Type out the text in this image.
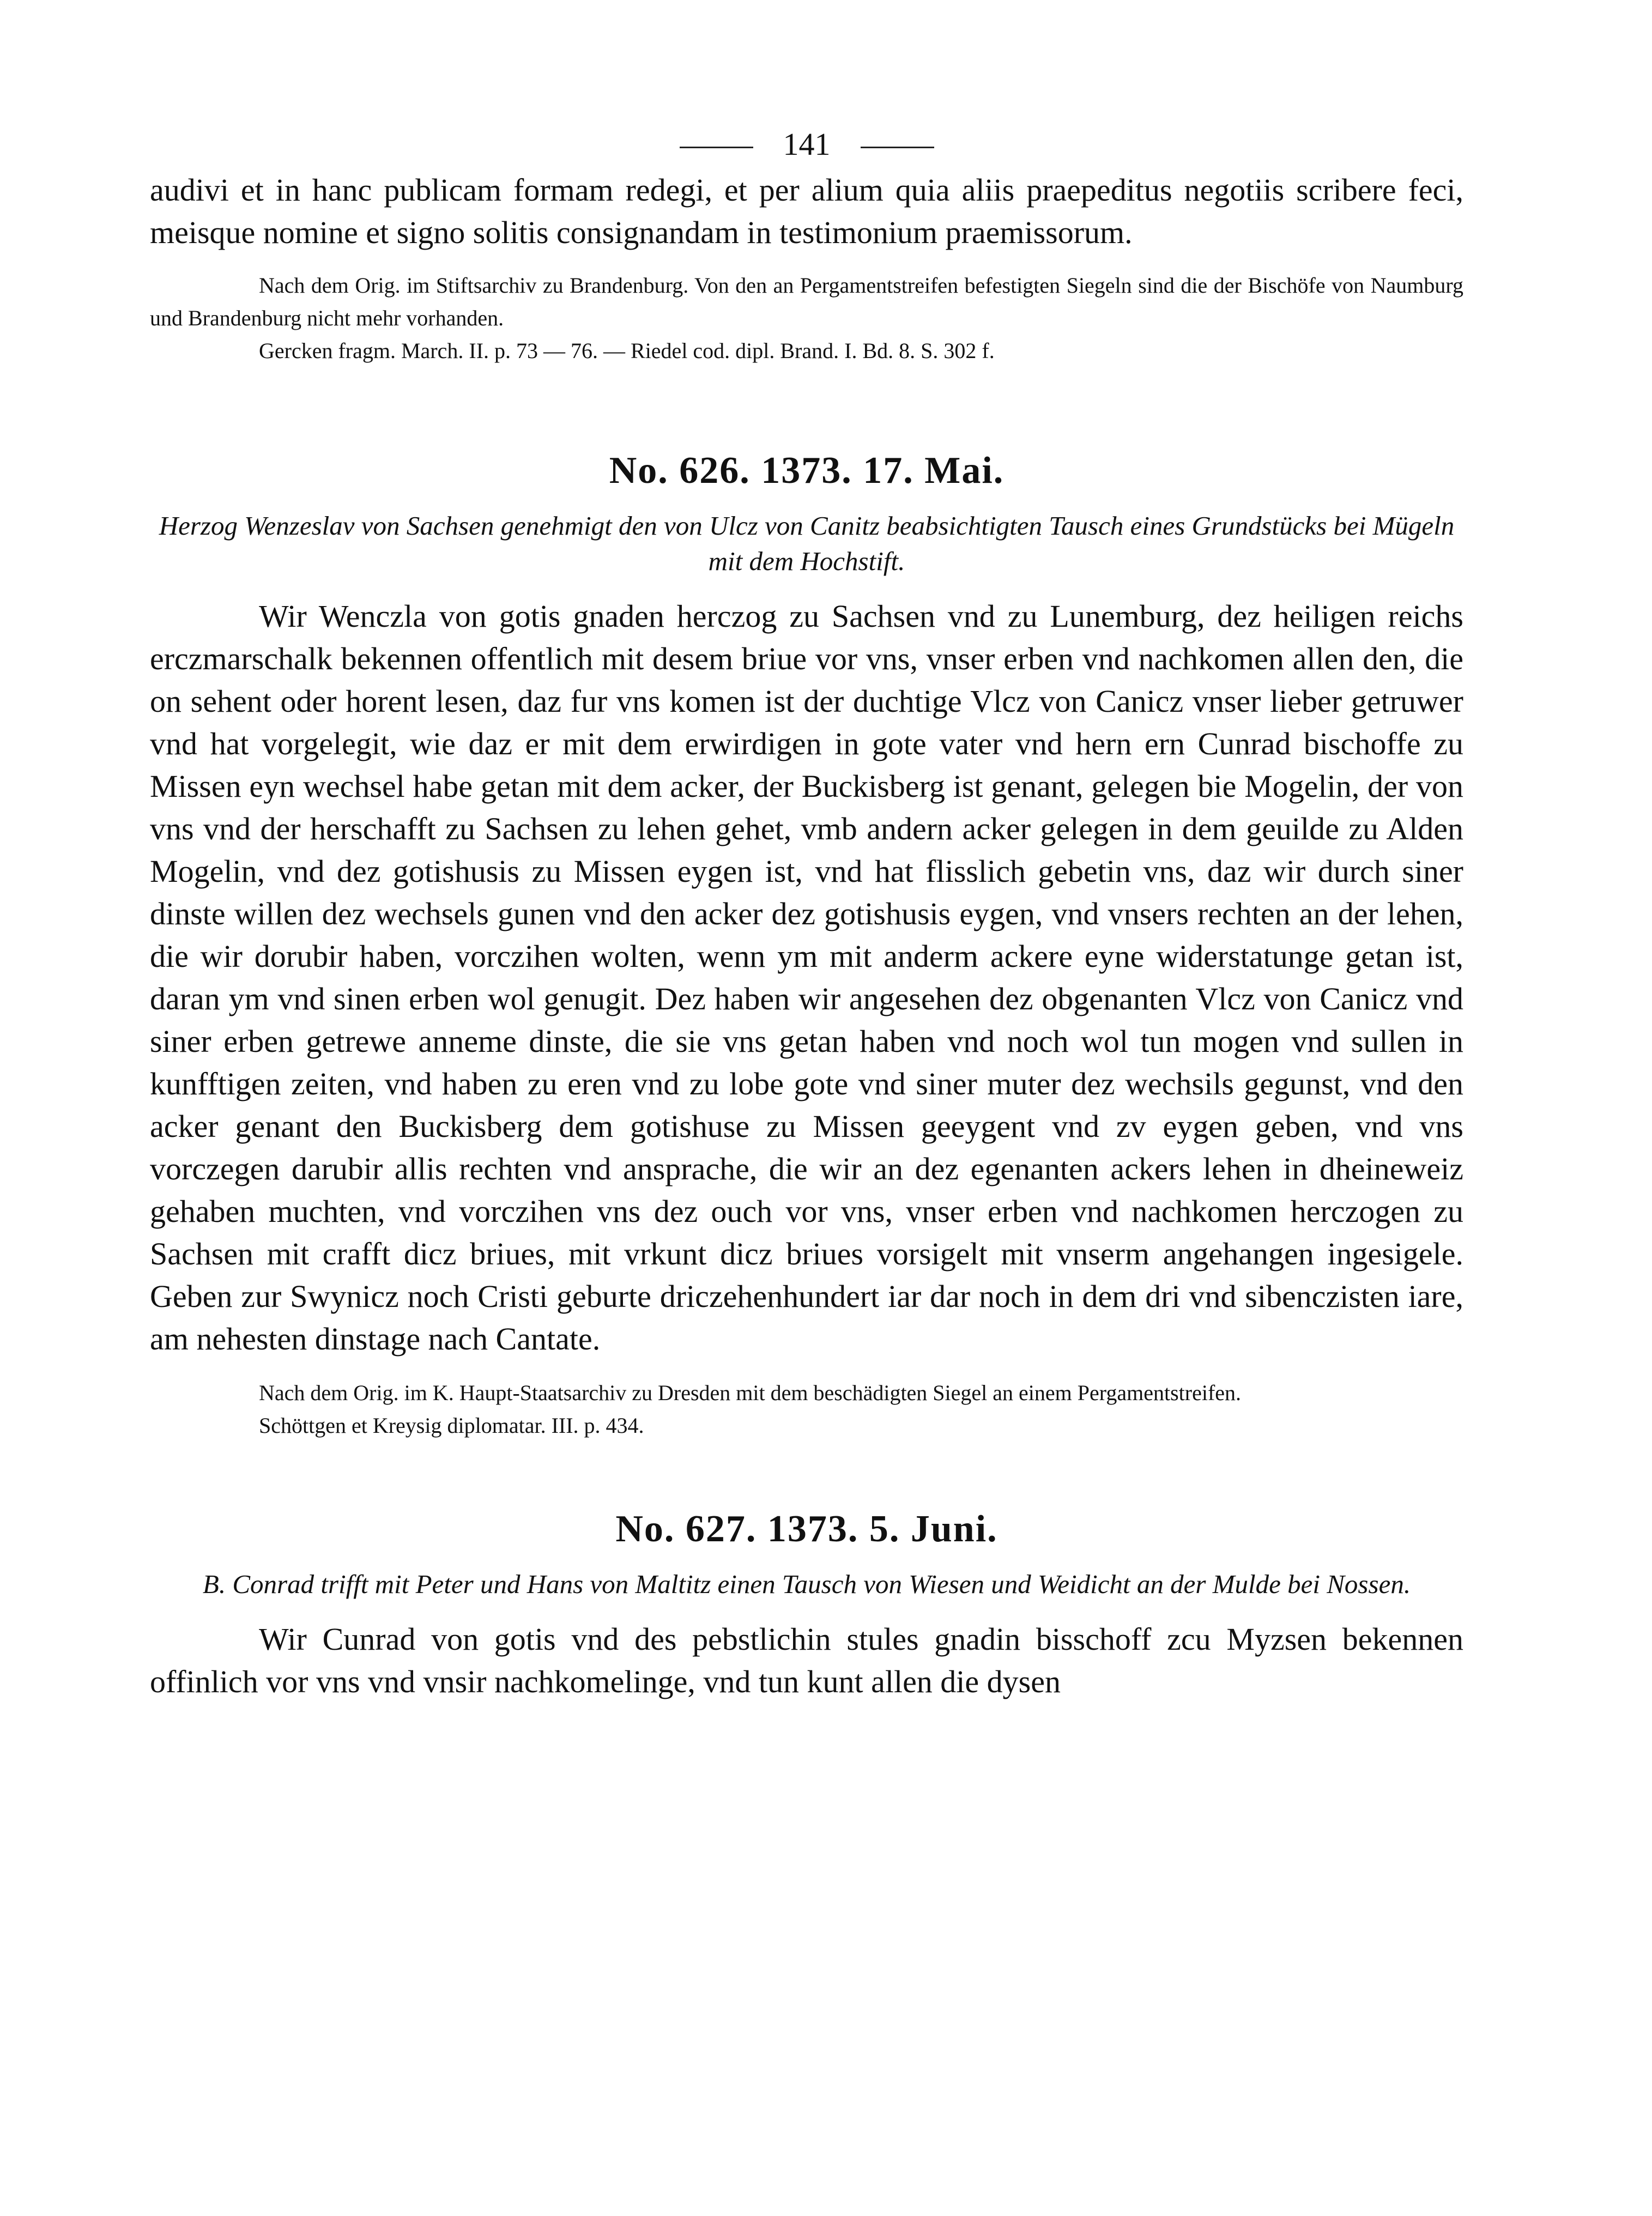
141

audivi et in hanc publicam formam redegi, et per alium quia aliis praepeditus negotiis scribere feci, meisque nomine et signo solitis consignandam in testimonium praemissorum.

Nach dem Orig. im Stiftsarchiv zu Brandenburg. Von den an Pergamentstreifen befestigten Siegeln sind die der Bischöfe von Naumburg und Brandenburg nicht mehr vorhanden.

Gercken fragm. March. II. p. 73 — 76. — Riedel cod. dipl. Brand. I. Bd. 8. S. 302 f.

No. 626. 1373. 17. Mai.

Herzog Wenzeslav von Sachsen genehmigt den von Ulcz von Canitz beabsichtigten Tausch eines Grundstücks bei Mügeln mit dem Hochstift.

Wir Wenczla von gotis gnaden herczog zu Sachsen vnd zu Lunemburg, dez heiligen reichs erczmarschalk bekennen offentlich mit desem briue vor vns, vnser erben vnd nachkomen allen den, die on sehent oder horent lesen, daz fur vns komen ist der duchtige Vlcz von Canicz vnser lieber getruwer vnd hat vorgelegit, wie daz er mit dem erwirdigen in gote vater vnd hern ern Cunrad bischoffe zu Missen eyn wechsel habe getan mit dem acker, der Buckisberg ist genant, gelegen bie Mogelin, der von vns vnd der herschafft zu Sachsen zu lehen gehet, vmb andern acker gelegen in dem geuilde zu Alden Mogelin, vnd dez gotishusis zu Missen eygen ist, vnd hat flisslich gebetin vns, daz wir durch siner dinste willen dez wechsels gunen vnd den acker dez gotishusis eygen, vnd vnsers rechten an der lehen, die wir dorubir haben, vorczihen wolten, wenn ym mit anderm ackere eyne widerstatunge getan ist, daran ym vnd sinen erben wol genugit. Dez haben wir angesehen dez obgenanten Vlcz von Canicz vnd siner erben getrewe anneme dinste, die sie vns getan haben vnd noch wol tun mogen vnd sullen in kunfftigen zeiten, vnd haben zu eren vnd zu lobe gote vnd siner muter dez wechsils gegunst, vnd den acker genant den Buckisberg dem gotishuse zu Missen geeygent vnd zv eygen geben, vnd vns vorczegen darubir allis rechten vnd ansprache, die wir an dez egenanten ackers lehen in dheineweiz gehaben muchten, vnd vorczihen vns dez ouch vor vns, vnser erben vnd nachkomen herczogen zu Sachsen mit crafft dicz briues, mit vrkunt dicz briues vorsigelt mit vnserm angehangen ingesigele. Geben zur Swynicz noch Cristi geburte driczehenhundert iar dar noch in dem dri vnd sibenczisten iare, am nehesten dinstage nach Cantate.

Nach dem Orig. im K. Haupt-Staatsarchiv zu Dresden mit dem beschädigten Siegel an einem Pergamentstreifen.

Schöttgen et Kreysig diplomatar. III. p. 434.

No. 627. 1373. 5. Juni.

B. Conrad trifft mit Peter und Hans von Maltitz einen Tausch von Wiesen und Weidicht an der Mulde bei Nossen.

Wir Cunrad von gotis vnd des pebstlichin stules gnadin bisschoff zcu Myzsen bekennen offinlich vor vns vnd vnsir nachkomelinge, vnd tun kunt allen die dysen
